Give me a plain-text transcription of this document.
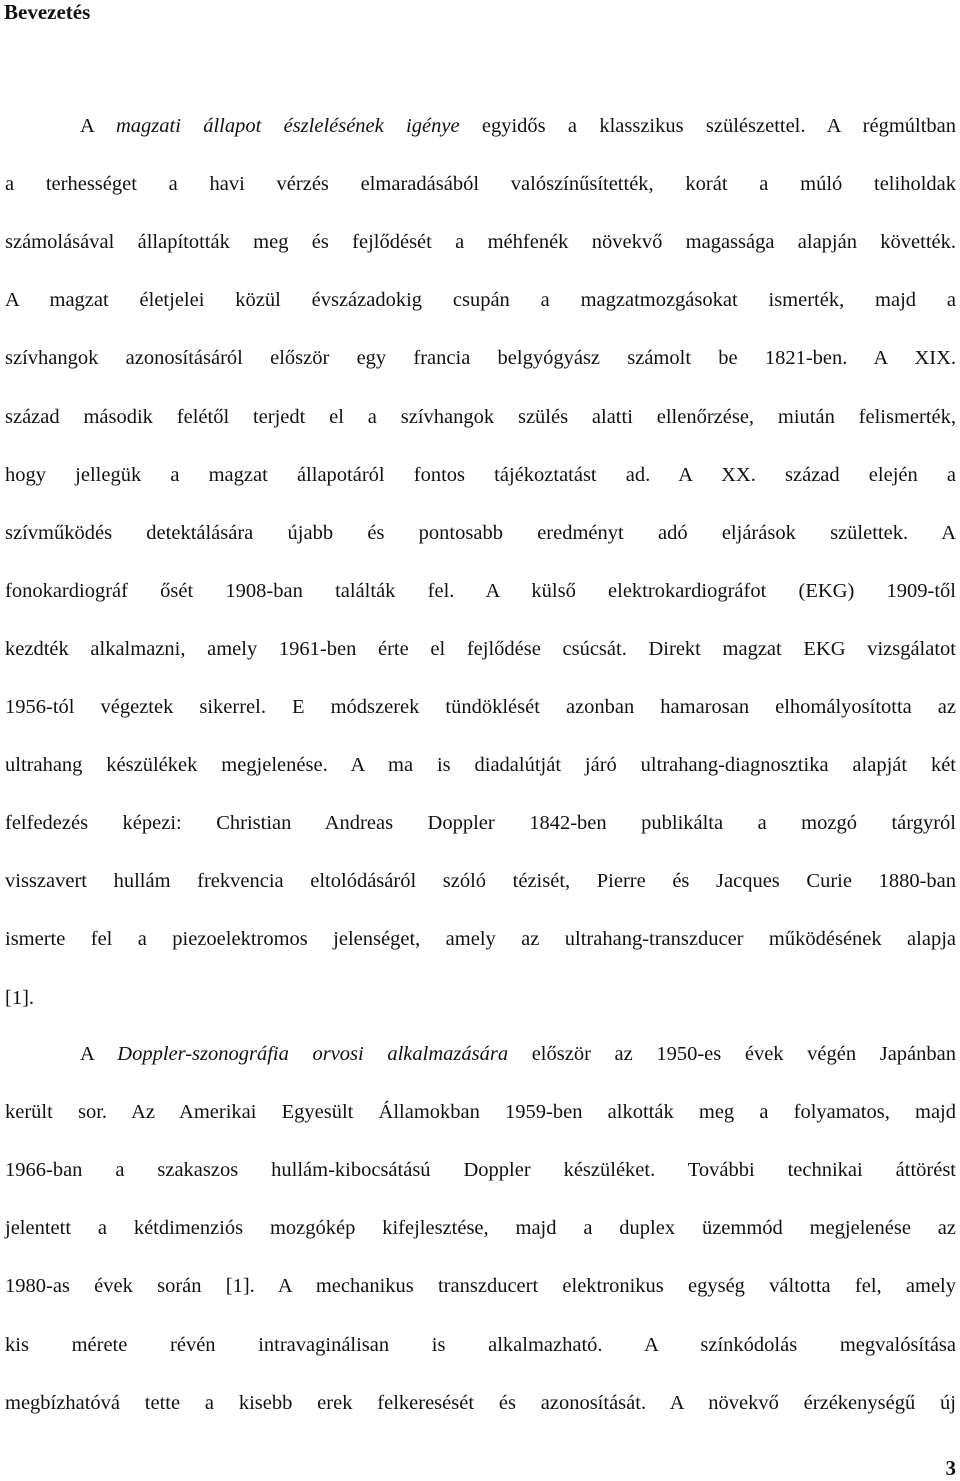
Bevezetés
A magzati állapot észlelésének igénye egyidős a klasszikus szülészettel. A régmúltban
a terhességet a havi vérzés elmaradásából valószínűsítették, korát a múló teliholdak
számolásával állapították meg és fejlődését a méhfenék növekvő magassága alapján követték.
A magzat életjelei közül évszázadokig csupán a magzatmozgásokat ismerték, majd a
szívhangok azonosításáról először egy francia belgyógyász számolt be 1821-ben. A XIX.
század második felétől terjedt el a szívhangok szülés alatti ellenőrzése, miután felismerték,
hogy jellegük a magzat állapotáról fontos tájékoztatást ad. A XX. század elején a
szívműködés detektálására újabb és pontosabb eredményt adó eljárások születtek. A
fonokardiográf ősét 1908-ban találták fel. A külső elektrokardiográfot (EKG) 1909-től
kezdték alkalmazni, amely 1961-ben érte el fejlődése csúcsát. Direkt magzat EKG vizsgálatot
1956-tól végeztek sikerrel. E módszerek tündöklését azonban hamarosan elhomályosította az
ultrahang készülékek megjelenése. A ma is diadalútját járó ultrahang-diagnosztika alapját két
felfedezés képezi: Christian Andreas Doppler 1842-ben publikálta a mozgó tárgyról
visszavert hullám frekvencia eltolódásáról szóló tézisét, Pierre és Jacques Curie 1880-ban
ismerte fel a piezoelektromos jelenséget, amely az ultrahang-transzducer működésének alapja
[1].
A Doppler-szonográfia orvosi alkalmazására először az 1950-es évek végén Japánban
került sor. Az Amerikai Egyesült Államokban 1959-ben alkották meg a folyamatos, majd
1966-ban a szakaszos hullám-kibocsátású Doppler készüléket. További technikai áttörést
jelentett a kétdimenziós mozgókép kifejlesztése, majd a duplex üzemmód megjelenése az
1980-as évek során [1]. A mechanikus transzducert elektronikus egység váltotta fel, amely
kis mérete révén intravaginálisan is alkalmazható. A színkódolás megvalósítása
megbízhatóvá tette a kisebb erek felkeresését és azonosítását. A növekvő érzékenységű új
3
